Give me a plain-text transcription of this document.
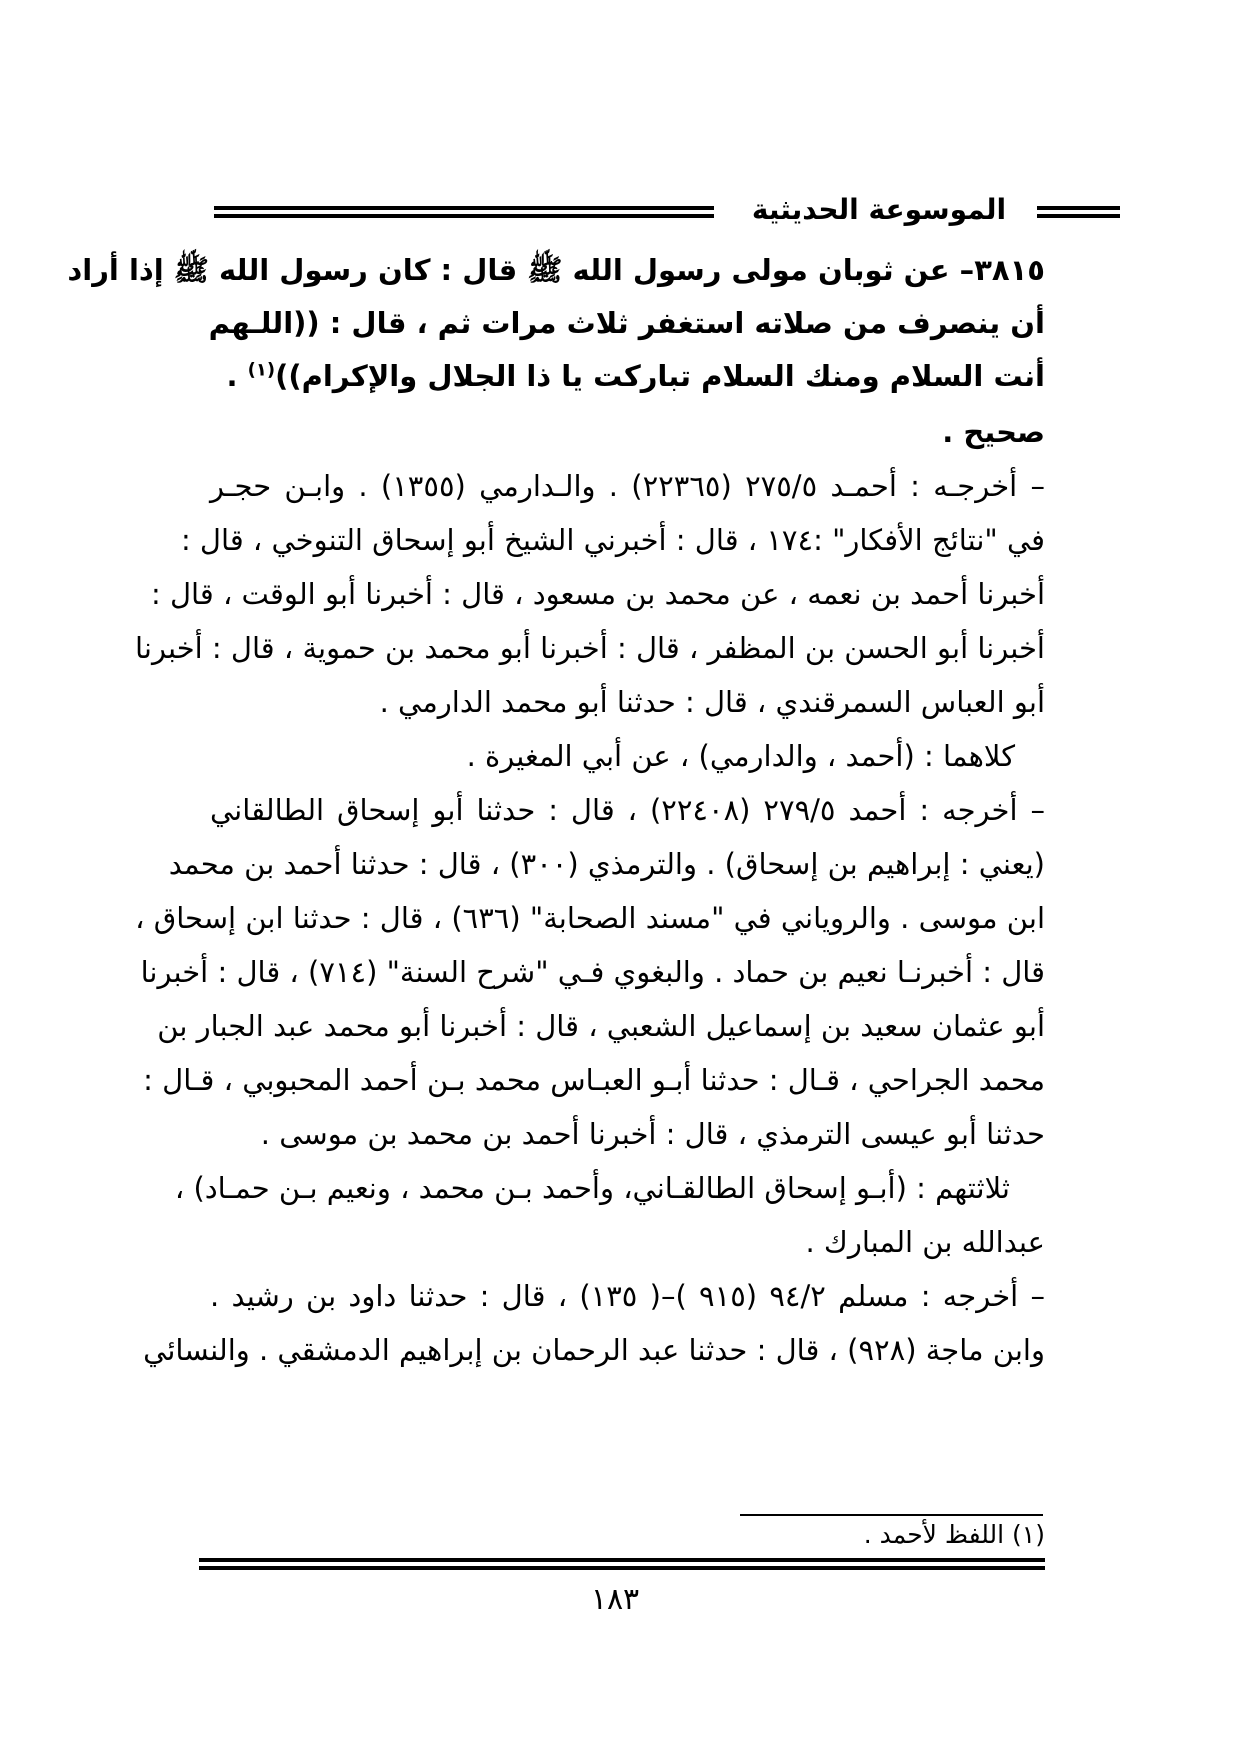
الموسوعة الحديثية
٣٨١٥– عن ثوبان مولى رسول الله ﷺ قال : كان رسول الله ﷺ إذا أراد
أن ينصرف من صلاته استغفر ثلاث مرات ثم ، قال : ((اللـهم
أنت السلام ومنك السلام تباركت يا ذا الجلال والإكرام))$^{(١)}$ .
صحيح .
– أخرجـه : أحمـد ٢٧٥/٥ (٢٢٣٦٥) . والـدارمي (١٣٥٥) . وابـن حجـر
في "نتائج الأفكار" :١٧٤ ، قال : أخبرني الشيخ أبو إسحاق التنوخي ، قال :
أخبرنا أحمد بن نعمه ، عن محمد بن مسعود ، قال : أخبرنا أبو الوقت ، قال :
أخبرنا أبو الحسن بن المظفر ، قال : أخبرنا أبو محمد بن حموية ، قال : أخبرنا
أبو العباس السمرقندي ، قال : حدثنا أبو محمد الدارمي .
كلاهما : (أحمد ، والدارمي) ، عن أبي المغيرة .
– أخرجه : أحمد ٢٧٩/٥ (٢٢٤٠٨) ، قال : حدثنا أبو إسحاق الطالقاني
(يعني : إبراهيم بن إسحاق) . والترمذي (٣٠٠) ، قال : حدثنا أحمد بن محمد
ابن موسى . والروياني في "مسند الصحابة" (٦٣٦) ، قال : حدثنا ابن إسحاق ،
قال : أخبرنـا نعيم بن حماد . والبغوي فـي "شرح السنة" (٧١٤) ، قال : أخبرنا
أبو عثمان سعيد بن إسماعيل الشعبي ، قال : أخبرنا أبو محمد عبد الجبار بن
محمد الجراحي ، قـال : حدثنا أبـو العبـاس محمد بـن أحمد المحبوبي ، قـال :
حدثنا أبو عيسى الترمذي ، قال : أخبرنا أحمد بن محمد بن موسى .
ثلاثتهم : (أبـو إسحاق الطالقـاني، وأحمد بـن محمد ، ونعيم بـن حمـاد) ،
عبدالله بن المبارك .
– أخرجه : مسلم ٩٤/٢ (٩١٥ )–( ١٣٥) ، قال : حدثنا داود بن رشيد .
وابن ماجة (٩٢٨) ، قال : حدثنا عبد الرحمان بن إبراهيم الدمشقي . والنسائي
(١) اللفظ لأحمد .
١٨٣
